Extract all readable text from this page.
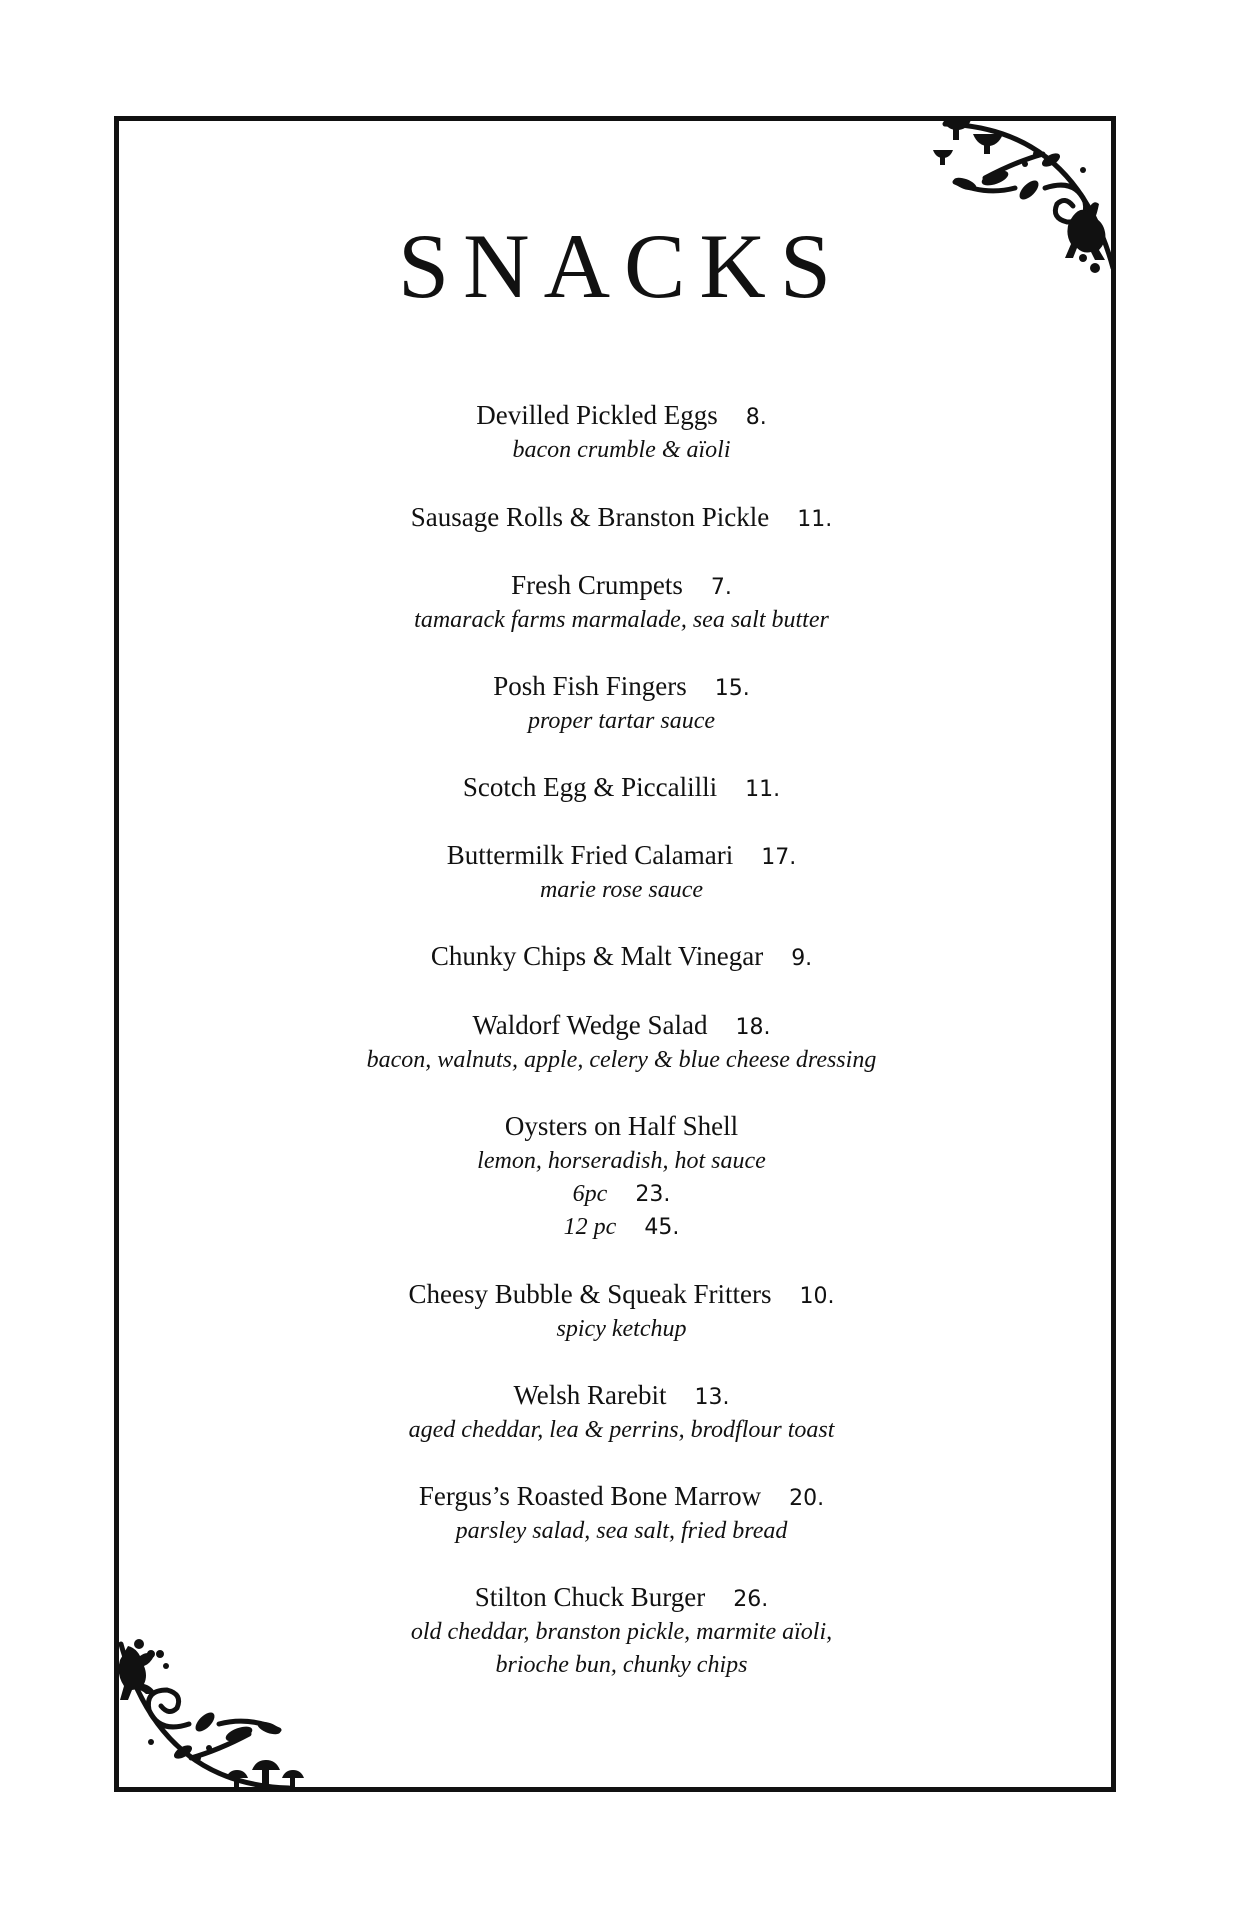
SNACKS
Devilled Pickled Eggs 8.
bacon crumble & aïoli
Sausage Rolls & Branston Pickle 11.
Fresh Crumpets 7.
tamarack farms marmalade, sea salt butter
Posh Fish Fingers 15.
proper tartar sauce
Scotch Egg & Piccalilli 11.
Buttermilk Fried Calamari 17.
marie rose sauce
Chunky Chips & Malt Vinegar 9.
Waldorf Wedge Salad 18.
bacon, walnuts, apple, celery & blue cheese dressing
Oysters on Half Shell
lemon, horseradish, hot sauce
6pc 23.
12 pc 45.
Cheesy Bubble & Squeak Fritters 10.
spicy ketchup
Welsh Rarebit 13.
aged cheddar, lea & perrins, brodflour toast
Fergus’s Roasted Bone Marrow 20.
parsley salad, sea salt, fried bread
Stilton Chuck Burger 26.
old cheddar, branston pickle, marmite aïoli,
brioche bun, chunky chips
